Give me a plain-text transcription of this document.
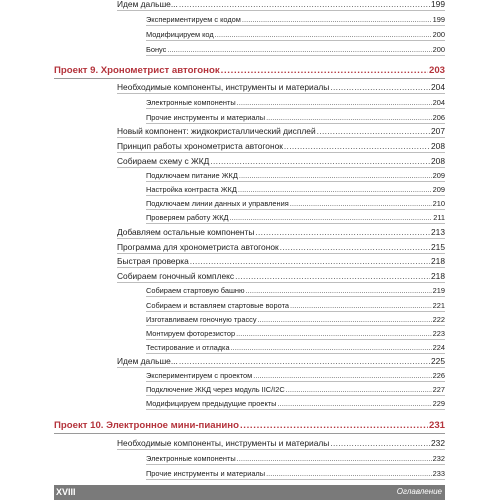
Идем дальше... . . .	199
Экспериментируем с кодом . . .	199
Модифицируем код . . .	200
Бонус . . .	200
Проект 9. Хронометрист автогонок . . .	203
Необходимые компоненты, инструменты и материалы . . .	204
Электронные компоненты . . .	204
Прочие инструменты и материалы . . .	206
Новый компонент: жидкокристаллический дисплей . . .	207
Принцип работы хронометриста автогонок . . .	208
Собираем схему с ЖКД . . .	208
Подключаем питание ЖКД . . .	209
Настройка контраста ЖКД . . .	209
Подключаем линии данных и управления . . .	210
Проверяем работу ЖКД . . .	211
Добавляем остальные компоненты . . .	213
Программа для хронометриста автогонок . . .	215
Быстрая проверка . . .	218
Собираем гоночный комплекс . . .	218
Собираем стартовую башню . . .	219
Собираем и вставляем стартовые ворота . . .	221
Изготавливаем гоночную трассу . . .	222
Монтируем фоторезистор . . .	223
Тестирование и отладка . . .	224
Идем дальше... . . .	225
Экспериментируем с проектом . . .	226
Подключение ЖКД через модуль IIC/I2C . . .	227
Модифицируем предыдущие проекты . . .	229
Проект 10. Электронное мини-пианино . . .	231
Необходимые компоненты, инструменты и материалы . . .	232
Электронные компоненты . . .	232
Прочие инструменты и материалы . . .	233
XVIII	Оглавление
